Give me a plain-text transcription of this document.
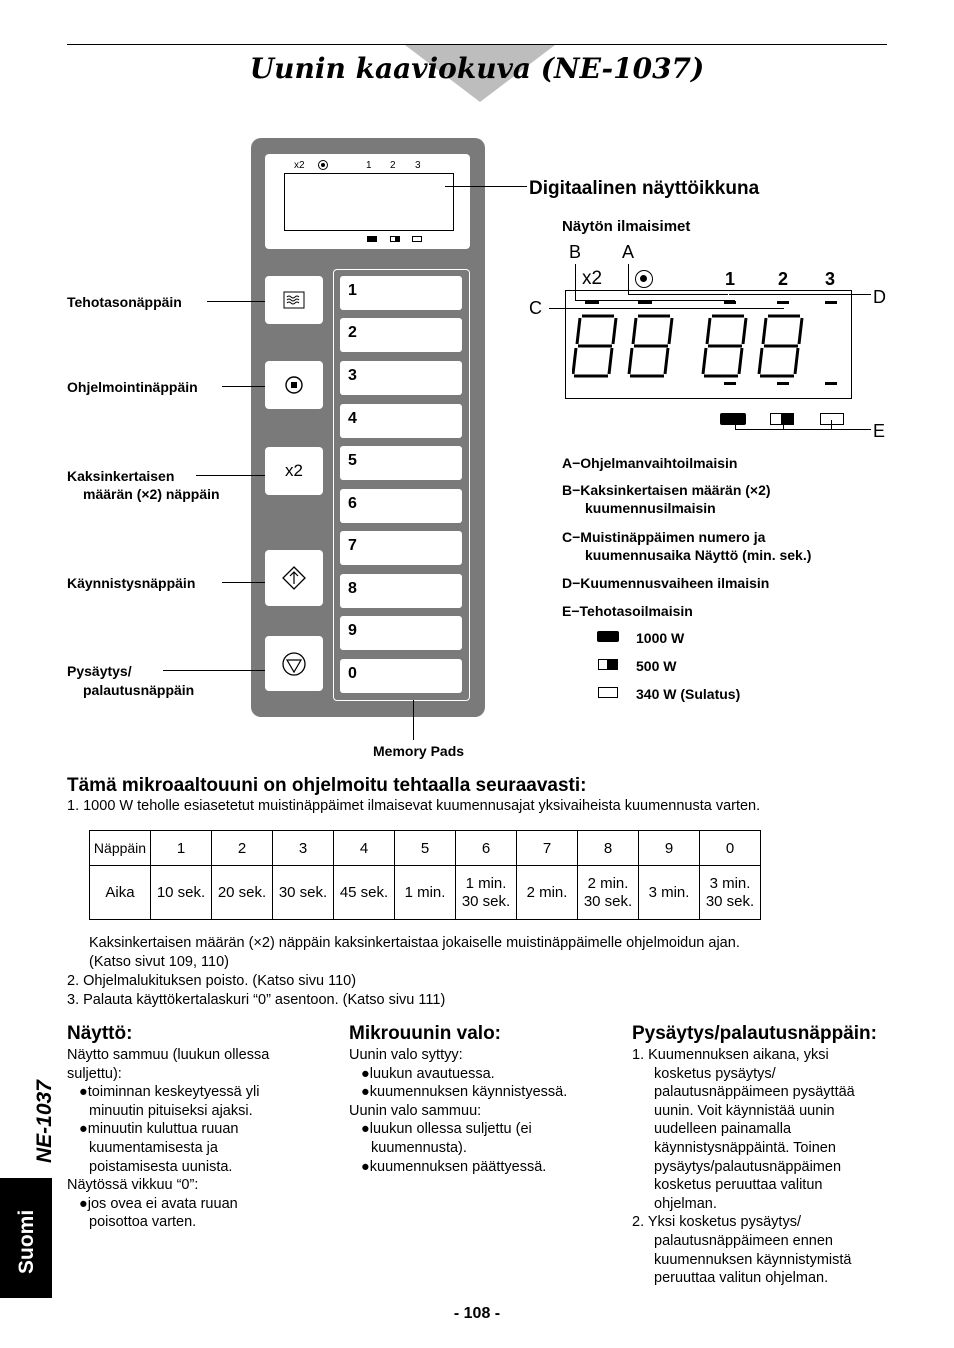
Uunin kaaviokuva (NE-1037)
x2	1 2 3
x2
1
2
3
4
5
6
7
8
9
0
Memory Pads
Tehotasonäppäin
Ohjelmointinäppäin
Kaksinkertaisen
määrän (×2) näppäin
Käynnistysnäppäin
Pysäytys/
palautusnäppäin
Digitaalinen näyttöikkuna
Näytön ilmaisimet
B A
C
D
E
x2	1 2 3
A−Ohjelmanvaihtoilmaisin
B−Kaksinkertaisen määrän (×2)
kuumennusilmaisin
C−Muistinäppäimen numero ja
kuumennusaika Näyttö (min. sek.)
D−Kuumennusvaiheen ilmaisin
E−Tehotasoilmaisin
1000 W
500 W
340 W (Sulatus)
Tämä mikroaaltouuni on ohjelmoitu tehtaalla seuraavasti:
1. 1000 W teholle esiasetetut muistinäppäimet ilmaisevat kuumennusajat yksivaiheista kuumennusta varten.
Näppäin	1	2	3	4	5	6	7	8	9	0
Aika	10 sek.	20 sek.	30 sek.	45 sek.	1 min.	1 min. 30 sek.	2 min.	2 min. 30 sek.	3 min.	3 min. 30 sek.
Kaksinkertaisen määrän (×2) näppäin kaksinkertaistaa jokaiselle muistinäppäimelle ohjelmoidun ajan.
(Katso sivut 109, 110)
2. Ohjelmalukituksen poisto. (Katso sivu 110)
3. Palauta käyttökertalaskuri “0” asentoon. (Katso sivu 111)
Näyttö:
Näytto sammuu (luukun ollessa
suljettu):
●toiminnan keskeytyessä yli
minuutin pituiseksi ajaksi.
●minuutin kuluttua ruuan
kuumentamisesta ja
poistamisesta uunista.
Näytössä vikkuu “0”:
●jos ovea ei avata ruuan
poisottoa varten.
Mikrouunin valo:
Uunin valo syttyy:
●luukun avautuessa.
●kuumennuksen käynnistyessä.
Uunin valo sammuu:
●luukun ollessa suljettu (ei
kuumennusta).
●kuumennuksen päättyessä.
Pysäytys/palautusnäppäin:
1. Kuumennuksen aikana, yksi
kosketus pysäytys/
palautusnäppäimeen pysäyttää
uunin. Voit käynnistää uunin
uudelleen painamalla
käynnistysnäppäintä. Toinen
pysäytys/palautusnäppäimen
kosketus peruuttaa valitun
ohjelman.
2. Yksi kosketus pysäytys/
palautusnäppäimeen ennen
kuumennuksen käynnistymistä
peruuttaa valitun ohjelman.
NE-1037
Suomi
- 108 -
